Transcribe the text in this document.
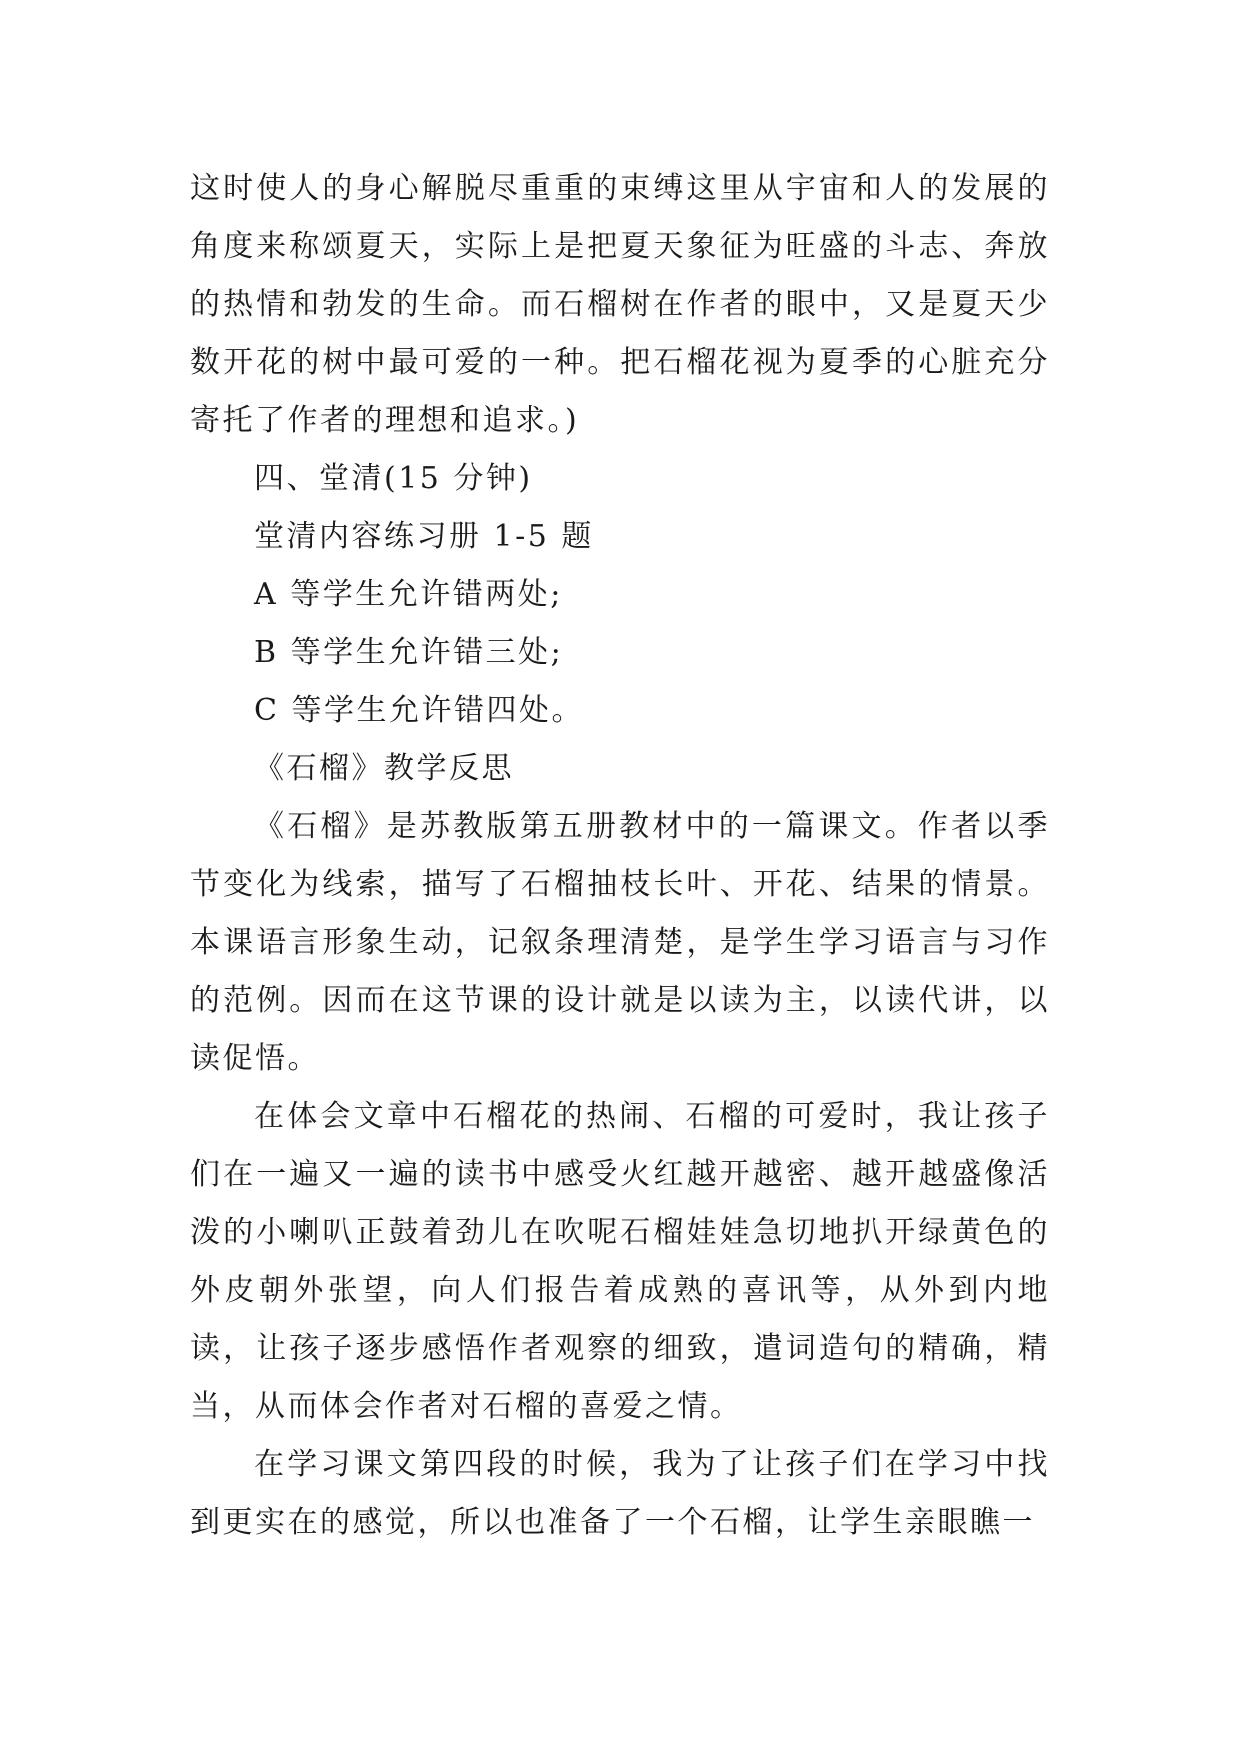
这时使人的身心解脱尽重重的束缚这里从宇宙和人的发展的角度来称颂夏天，实际上是把夏天象征为旺盛的斗志、奔放的热情和勃发的生命。而石榴树在作者的眼中，又是夏天少数开花的树中最可爱的一种。把石榴花视为夏季的心脏充分寄托了作者的理想和追求。)

四、堂清(15 分钟)

堂清内容练习册 1-5 题

A 等学生允许错两处;

B 等学生允许错三处;

C 等学生允许错四处。

《石榴》教学反思

《石榴》是苏教版第五册教材中的一篇课文。作者以季节变化为线索，描写了石榴抽枝长叶、开花、结果的情景。本课语言形象生动，记叙条理清楚，是学生学习语言与习作的范例。因而在这节课的设计就是以读为主，以读代讲，以读促悟。

在体会文章中石榴花的热闹、石榴的可爱时，我让孩子们在一遍又一遍的读书中感受火红越开越密、越开越盛像活泼的小喇叭正鼓着劲儿在吹呢石榴娃娃急切地扒开绿黄色的外皮朝外张望，向人们报告着成熟的喜讯等，从外到内地读，让孩子逐步感悟作者观察的细致，遣词造句的精确，精当，从而体会作者对石榴的喜爱之情。

在学习课文第四段的时候，我为了让孩子们在学习中找到更实在的感觉，所以也准备了一个石榴，让学生亲眼瞧一
